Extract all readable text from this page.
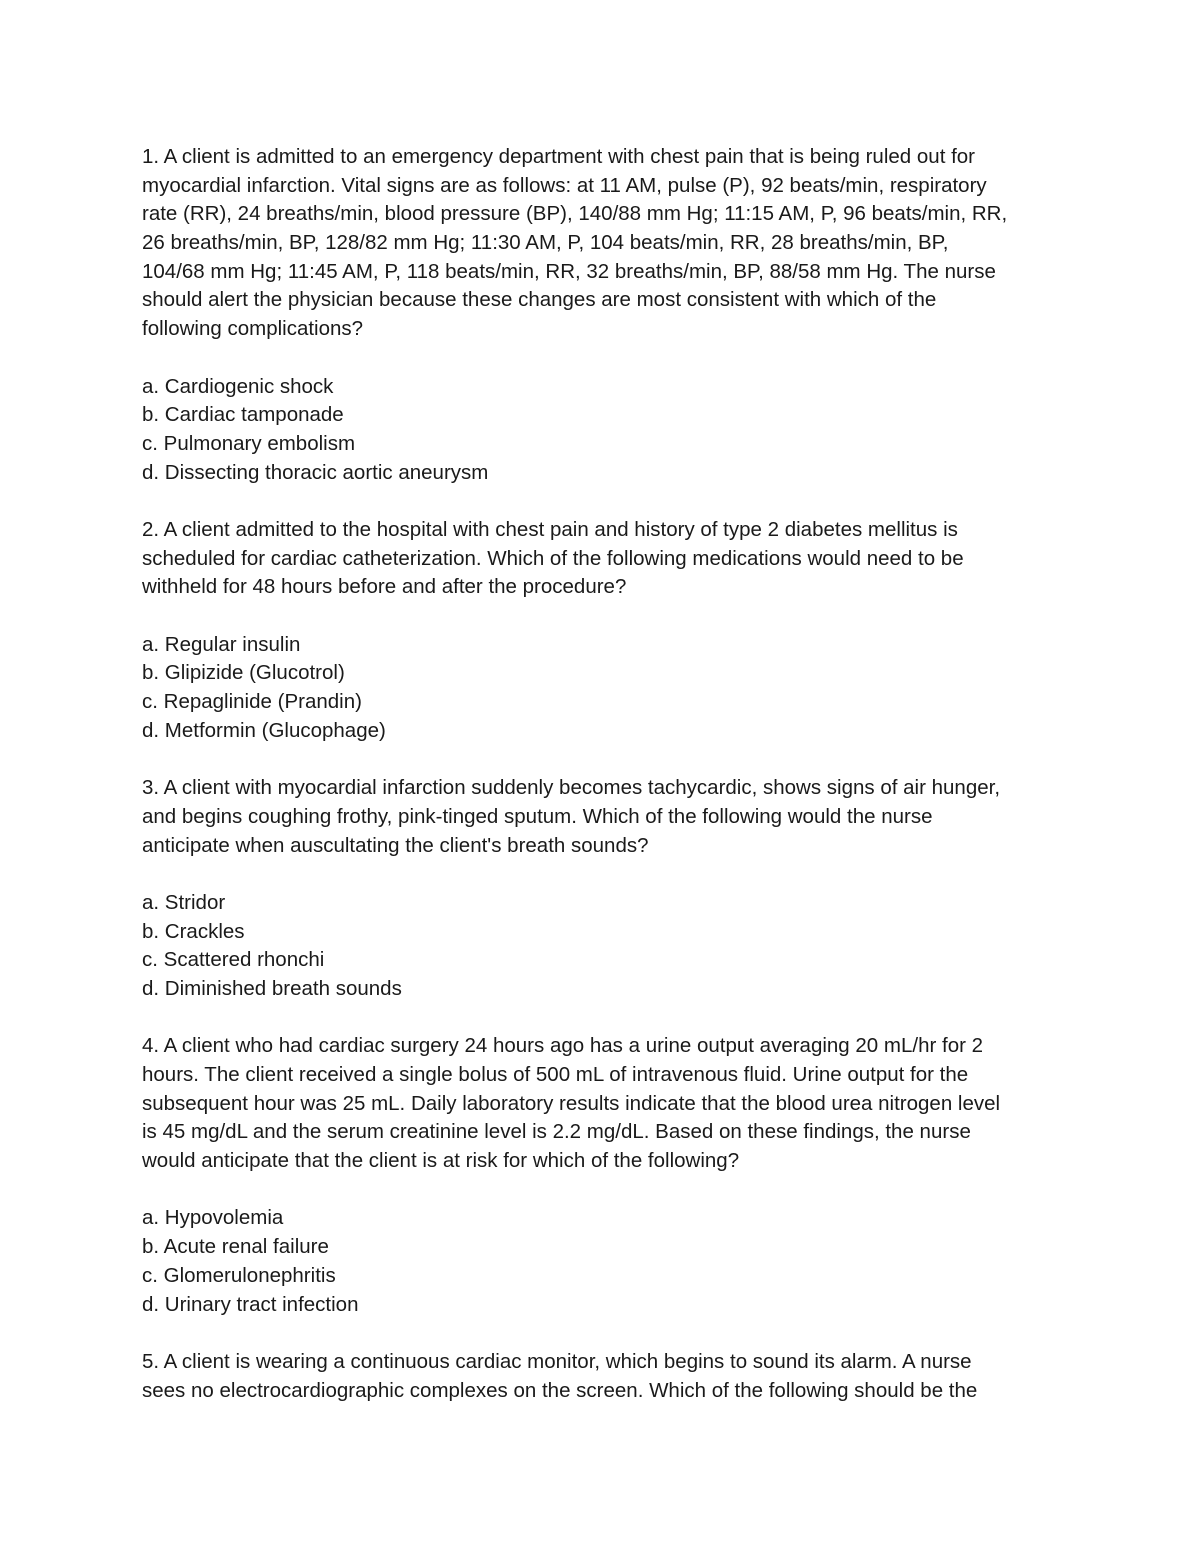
1. A client is admitted to an emergency department with chest pain that is being ruled out for
myocardial infarction. Vital signs are as follows: at 11 AM, pulse (P), 92 beats/min, respiratory
rate (RR), 24 breaths/min, blood pressure (BP), 140/88 mm Hg; 11:15 AM, P, 96 beats/min, RR,
26 breaths/min, BP, 128/82 mm Hg; 11:30 AM, P, 104 beats/min, RR, 28 breaths/min, BP,
104/68 mm Hg; 11:45 AM, P, 118 beats/min, RR, 32 breaths/min, BP, 88/58 mm Hg. The nurse
should alert the physician because these changes are most consistent with which of the
following complications?
a. Cardiogenic shock
b. Cardiac tamponade
c. Pulmonary embolism
d. Dissecting thoracic aortic aneurysm
2. A client admitted to the hospital with chest pain and history of type 2 diabetes mellitus is
scheduled for cardiac catheterization. Which of the following medications would need to be
withheld for 48 hours before and after the procedure?
a. Regular insulin
b. Glipizide (Glucotrol)
c. Repaglinide (Prandin)
d. Metformin (Glucophage)
3. A client with myocardial infarction suddenly becomes tachycardic, shows signs of air hunger,
and begins coughing frothy, pink-tinged sputum. Which of the following would the nurse
anticipate when auscultating the client's breath sounds?
a. Stridor
b. Crackles
c. Scattered rhonchi
d. Diminished breath sounds
4. A client who had cardiac surgery 24 hours ago has a urine output averaging 20 mL/hr for 2
hours. The client received a single bolus of 500 mL of intravenous fluid. Urine output for the
subsequent hour was 25 mL. Daily laboratory results indicate that the blood urea nitrogen level
is 45 mg/dL and the serum creatinine level is 2.2 mg/dL. Based on these findings, the nurse
would anticipate that the client is at risk for which of the following?
a. Hypovolemia
b. Acute renal failure
c. Glomerulonephritis
d. Urinary tract infection
5. A client is wearing a continuous cardiac monitor, which begins to sound its alarm. A nurse
sees no electrocardiographic complexes on the screen. Which of the following should be the
